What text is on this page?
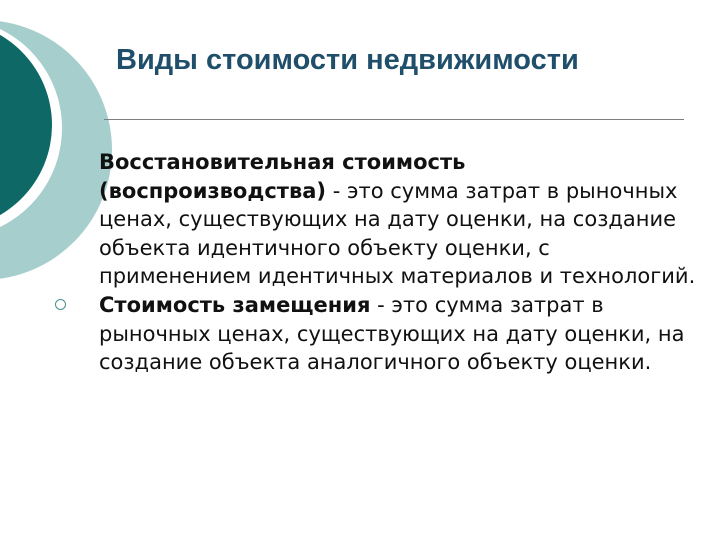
Виды стоимости недвижимости

Восстановительная стоимость (воспроизводства) - это сумма затрат в рыночных ценах, существующих на дату оценки, на создание объекта идентичного объекту оценки, с применением идентичных материалов и технологий.

Стоимость замещения - это сумма затрат в рыночных ценах, существующих на дату оценки, на создание объекта аналогичного объекту оценки.
